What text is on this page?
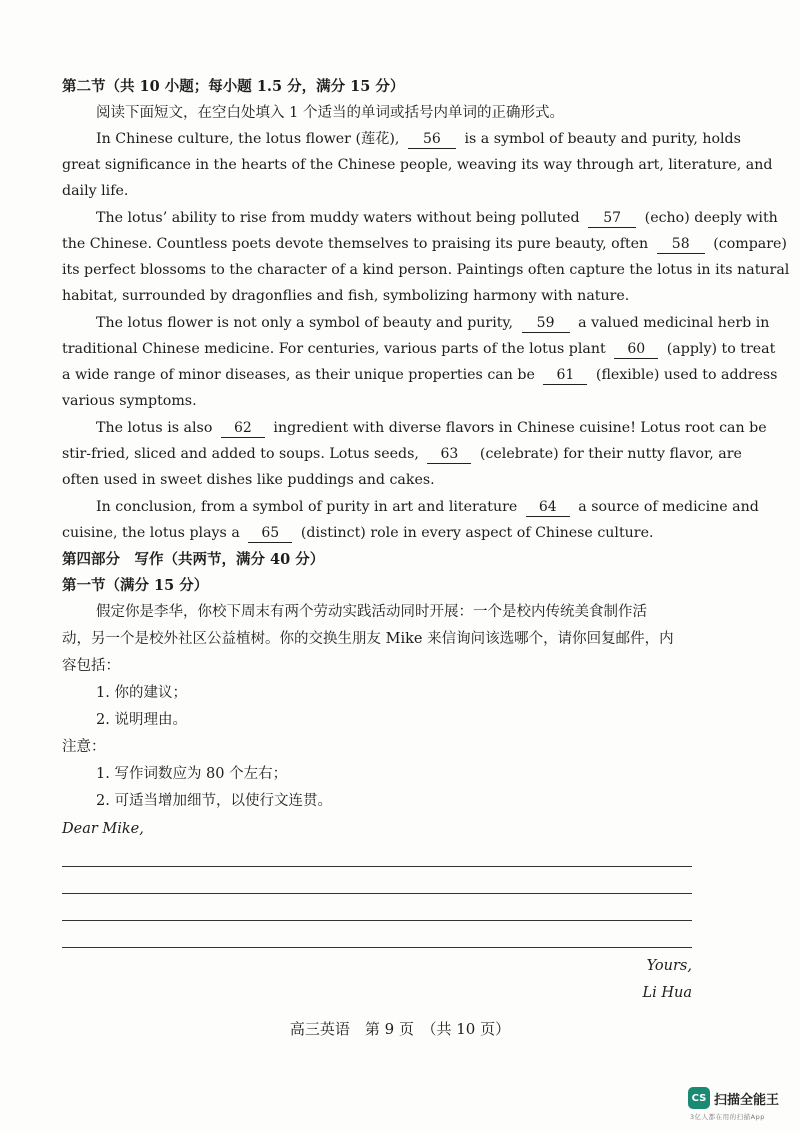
第二节（共 10 小题；每小题 1.5 分，满分 15 分）
阅读下面短文，在空白处填入 1 个适当的单词或括号内单词的正确形式。
In Chinese culture, the lotus flower (莲花), 56 is a symbol of beauty and purity, holds
great significance in the hearts of the Chinese people, weaving its way through art, literature, and
daily life.
The lotus’ ability to rise from muddy waters without being polluted 57 (echo) deeply with
the Chinese. Countless poets devote themselves to praising its pure beauty, often 58 (compare)
its perfect blossoms to the character of a kind person. Paintings often capture the lotus in its natural
habitat, surrounded by dragonflies and fish, symbolizing harmony with nature.
The lotus flower is not only a symbol of beauty and purity, 59 a valued medicinal herb in
traditional Chinese medicine. For centuries, various parts of the lotus plant 60 (apply) to treat
a wide range of minor diseases, as their unique properties can be 61 (flexible) used to address
various symptoms.
The lotus is also 62 ingredient with diverse flavors in Chinese cuisine! Lotus root can be
stir-fried, sliced and added to soups. Lotus seeds, 63 (celebrate) for their nutty flavor, are
often used in sweet dishes like puddings and cakes.
In conclusion, from a symbol of purity in art and literature 64 a source of medicine and
cuisine, the lotus plays a 65 (distinct) role in every aspect of Chinese culture.
第四部分　写作（共两节，满分 40 分）
第一节（满分 15 分）
假定你是李华，你校下周末有两个劳动实践活动同时开展：一个是校内传统美食制作活
动，另一个是校外社区公益植树。你的交换生朋友 Mike 来信询问该选哪个，请你回复邮件，内
容包括：
1. 你的建议；
2. 说明理由。
注意：
1. 写作词数应为 80 个左右；
2. 可适当增加细节，以使行文连贯。
Dear Mike,
Yours,
Li Hua
高三英语　第 9 页　（共 10 页）
CS 扫描全能王
3亿人都在用的扫描App
